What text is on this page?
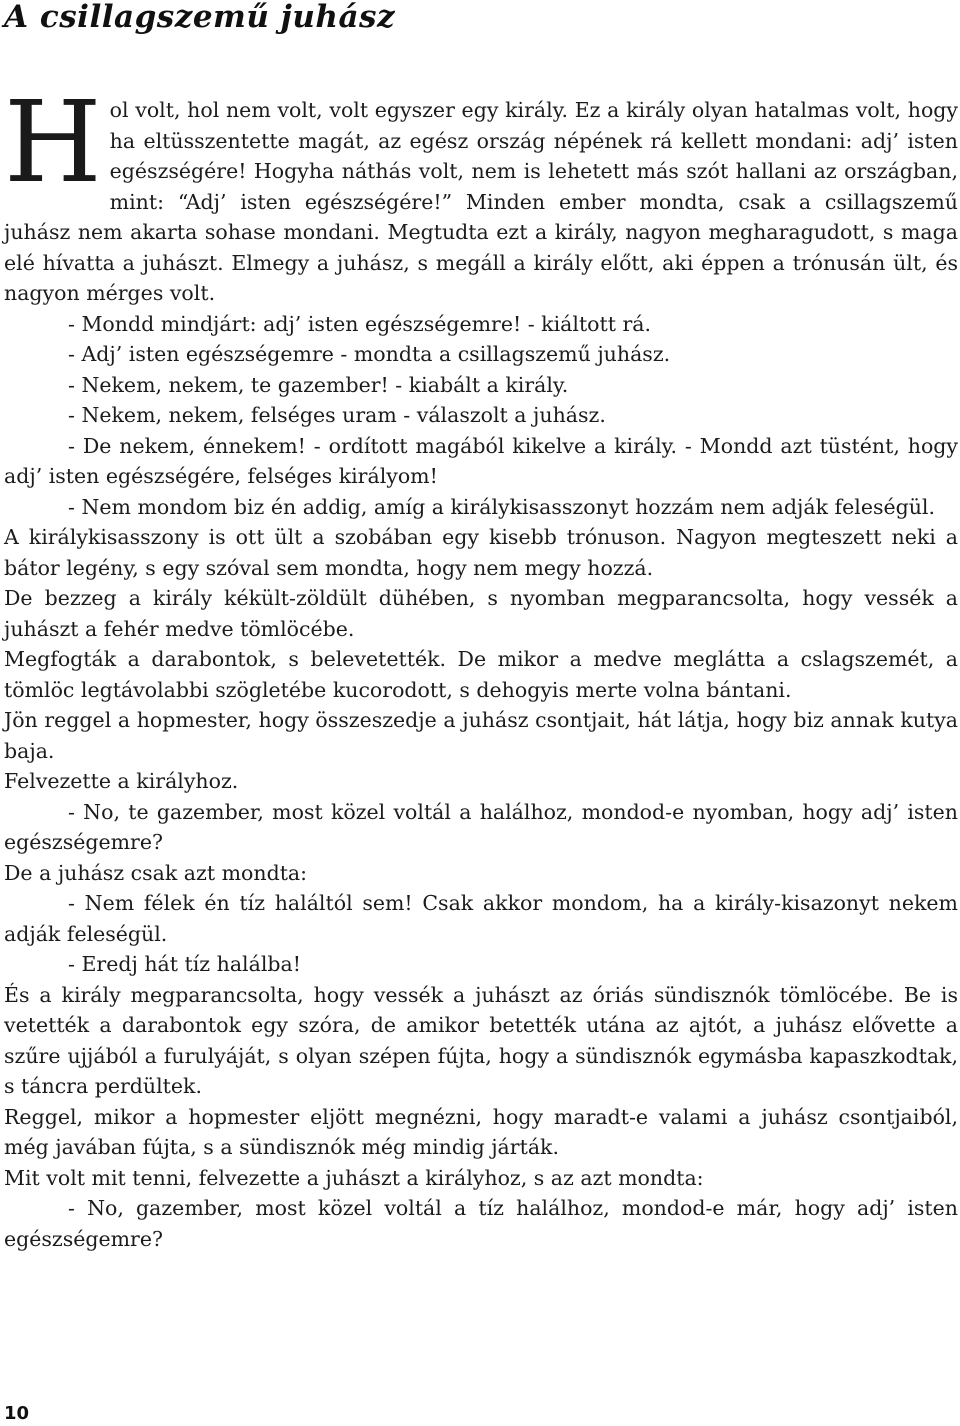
A csillagszemű juhász

Hol volt, hol nem volt, volt egyszer egy király. Ez a király olyan hatalmas volt, hogy ha eltüsszentette magát, az egész ország népének rá kellett mondani: adj’ isten egészségére! Hogyha náthás volt, nem is lehetett más szót hallani az országban, mint: “Adj’ isten egészségére!” Minden ember mondta, csak a csillagszemű juhász nem akarta sohase mondani. Megtudta ezt a király, nagyon megharagudott, s maga elé hívatta a juhászt. Elmegy a juhász, s megáll a király előtt, aki éppen a trónusán ült, és nagyon mérges volt.

- Mondd mindjárt: adj’ isten egészségemre! - kiáltott rá.

- Adj’ isten egészségemre - mondta a csillagszemű juhász.

- Nekem, nekem, te gazember! - kiabált a király.

- Nekem, nekem, felséges uram - válaszolt a juhász.

- De nekem, énnekem! - ordított magából kikelve a király. - Mondd azt tüstént, hogy adj’ isten egészségére, felséges királyom!

- Nem mondom biz én addig, amíg a királykisasszonyt hozzám nem adják feleségül.

A királykisasszony is ott ült a szobában egy kisebb trónuson. Nagyon megteszett neki a bátor legény, s egy szóval sem mondta, hogy nem megy hozzá.

De bezzeg a király kékült-zöldült dühében, s nyomban megparancsolta, hogy vessék a juhászt a fehér medve tömlöcébe.

Megfogták a darabontok, s belevetették. De mikor a medve meglátta a cslagszemét, a tömlöc legtávolabbi szögletébe kucorodott, s dehogyis merte volna bántani.

Jön reggel a hopmester, hogy összeszedje a juhász csontjait, hát látja, hogy biz annak kutya baja.

Felvezette a királyhoz.

- No, te gazember, most közel voltál a halálhoz, mondod-e nyomban, hogy adj’ isten egészségemre?

De a juhász csak azt mondta:

- Nem félek én tíz haláltól sem! Csak akkor mondom, ha a király-kisazonyt nekem adják feleségül.

- Eredj hát tíz halálba!

És a király megparancsolta, hogy vessék a juhászt az óriás sündisznók tömlöcébe. Be is vetették a darabontok egy szóra, de amikor betették utána az ajtót, a juhász elővette a szűre ujjából a furulyáját, s olyan szépen fújta, hogy a sündisznók egymásba kapaszkodtak, s táncra perdültek.

Reggel, mikor a hopmester eljött megnézni, hogy maradt-e valami a juhász csontjaiból, még javában fújta, s a sündisznók még mindig járták.

Mit volt mit tenni, felvezette a juhászt a királyhoz, s az azt mondta:

- No, gazember, most közel voltál a tíz halálhoz, mondod-e már, hogy adj’ isten egészségemre?

10
